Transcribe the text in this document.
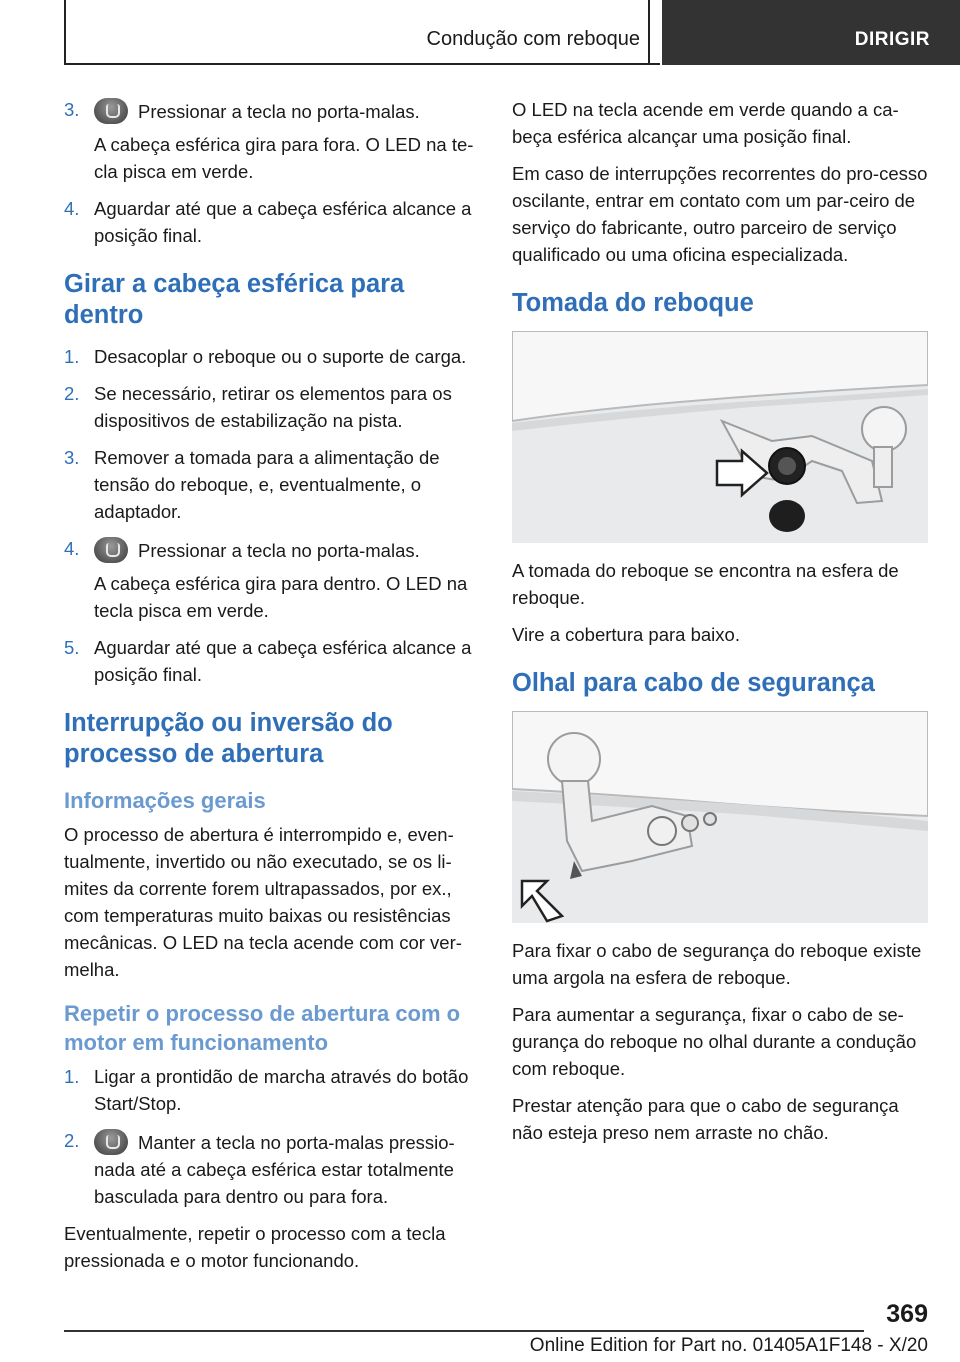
Condução com reboque	DIRIGIR
3.	Pressionar a tecla no porta-malas.
A cabeça esférica gira para fora. O LED na te-cla pisca em verde.
4. Aguardar até que a cabeça esférica alcance a posição final.
Girar a cabeça esférica para dentro
1. Desacoplar o reboque ou o suporte de carga.
2. Se necessário, retirar os elementos para os dispositivos de estabilização na pista.
3. Remover a tomada para a alimentação de tensão do reboque, e, eventualmente, o adaptador.
4.	Pressionar a tecla no porta-malas.
A cabeça esférica gira para dentro. O LED na tecla pisca em verde.
5. Aguardar até que a cabeça esférica alcance a posição final.
Interrupção ou inversão do processo de abertura
Informações gerais

O processo de abertura é interrompido e, even-tualmente, invertido ou não executado, se os li-mites da corrente forem ultrapassados, por ex., com temperaturas muito baixas ou resistências mecânicas. O LED na tecla acende com cor ver-melha.

Repetir o processo de abertura com o motor em funcionamento
1. Ligar a prontidão de marcha através do botão Start/Stop.
2.	Manter a tecla no porta-malas pressio-nada até a cabeça esférica estar totalmente basculada para dentro ou para fora.

Eventualmente, repetir o processo com a tecla pressionada e o motor funcionando.

O LED na tecla acende em verde quando a ca-beça esférica alcançar uma posição final.

Em caso de interrupções recorrentes do pro-cesso oscilante, entrar em contato com um par-ceiro de serviço do fabricante, outro parceiro de serviço qualificado ou uma oficina especializada.

Tomada do reboque

A tomada do reboque se encontra na esfera de reboque.

Vire a cobertura para baixo.

Olhal para cabo de segurança

Para fixar o cabo de segurança do reboque existe uma argola na esfera de reboque.

Para aumentar a segurança, fixar o cabo de se-gurança do reboque no olhal durante a condução com reboque.

Prestar atenção para que o cabo de segurança não esteja preso nem arraste no chão.

369
Online Edition for Part no. 01405A1F148 - X/20
